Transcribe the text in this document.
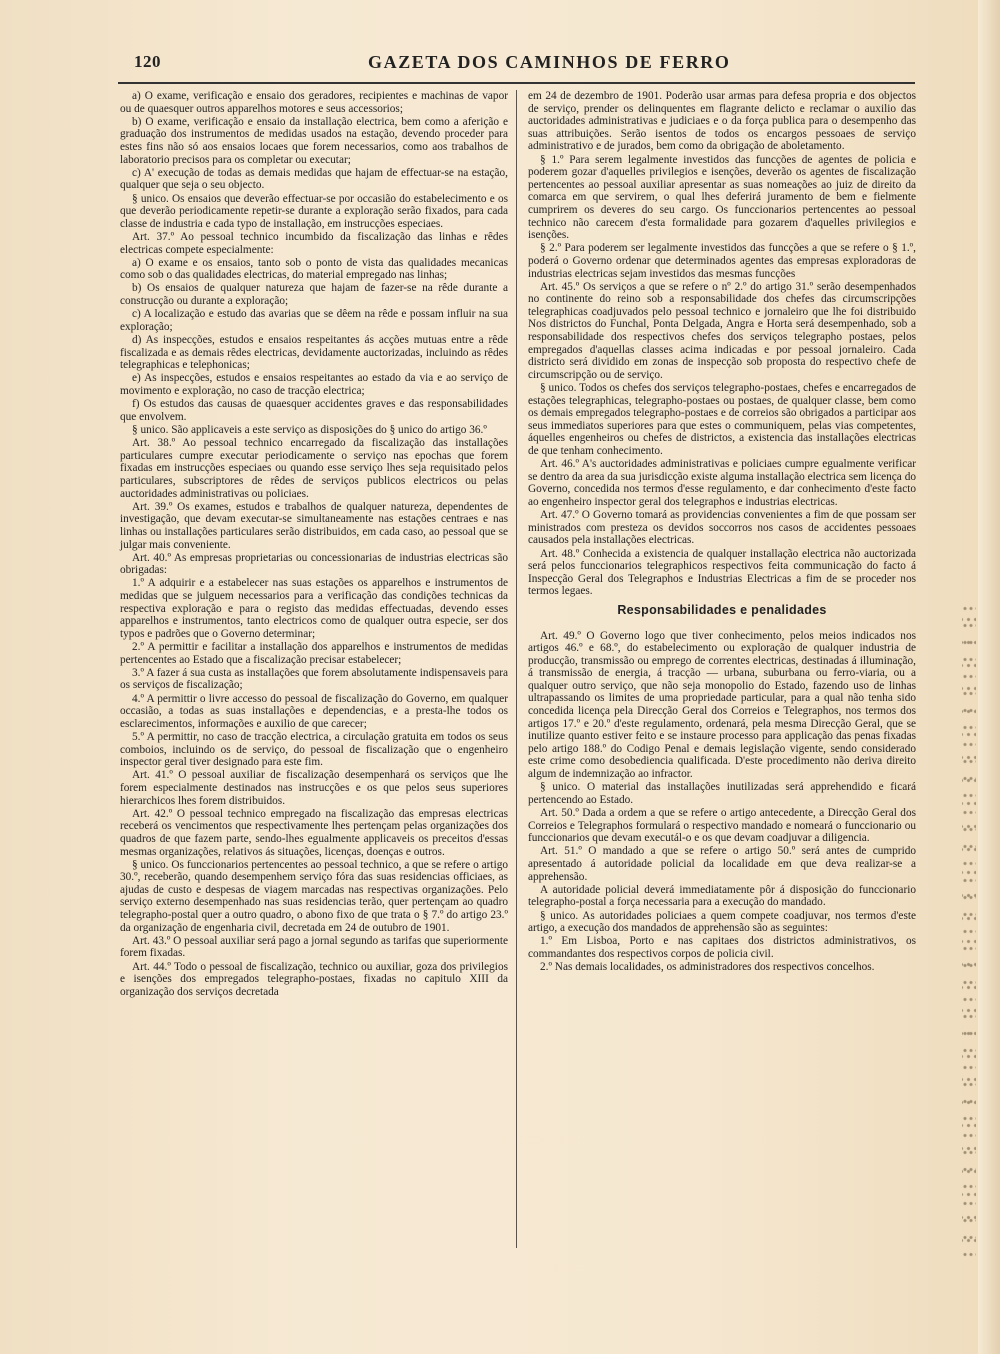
120	GAZETA DOS CAMINHOS DE FERRO

a) O exame, verificação e ensaio dos geradores, recipientes e machinas de vapor ou de quaesquer outros apparelhos motores e seus accessorios;

b) O exame, verificação e ensaio da installação electrica, bem como a aferição e graduação dos instrumentos de medidas usados na estação, devendo proceder para estes fins não só aos ensaios locaes que forem necessarios, como aos trabalhos de laboratorio precisos para os completar ou executar;

c) A' execução de todas as demais medidas que hajam de effectuar-se na estação, qualquer que seja o seu objecto.

§ unico. Os ensaios que deverão effectuar-se por occasião do estabelecimento e os que deverão periodicamente repetir-se durante a exploração serão fixados, para cada classe de industria e cada typo de installação, em instrucções especiaes.

Art. 37.º Ao pessoal technico incumbido da fiscalização das linhas e rêdes electricas compete especialmente:

a) O exame e os ensaios, tanto sob o ponto de vista das qualidades mecanicas como sob o das qualidades electricas, do material empregado nas linhas;

b) Os ensaios de qualquer natureza que hajam de fazer-se na rêde durante a construcção ou durante a exploração;

c) A localização e estudo das avarias que se dêem na rêde e possam influir na sua exploração;

d) As inspecções, estudos e ensaios respeitantes ás acções mutuas entre a rêde fiscalizada e as demais rêdes electricas, devidamente auctorizadas, incluindo as rêdes telegraphicas e telephonicas;

e) As inspecções, estudos e ensaios respeitantes ao estado da via e ao serviço de movimento e exploração, no caso de tracção electrica;

f) Os estudos das causas de quaesquer accidentes graves e das responsabilidades que envolvem.

§ unico. São applicaveis a este serviço as disposições do § unico do artigo 36.º

Art. 38.º Ao pessoal technico encarregado da fiscalização das installações particulares cumpre executar periodicamente o serviço nas epochas que forem fixadas em instrucções especiaes ou quando esse serviço lhes seja requisitado pelos particulares, subscriptores de rêdes de serviços publicos electricos ou pelas auctoridades administrativas ou policiaes.

Art. 39.º Os exames, estudos e trabalhos de qualquer natureza, dependentes de investigação, que devam executar-se simultaneamente nas estações centraes e nas linhas ou installações particulares serão distribuidos, em cada caso, ao pessoal que se julgar mais conveniente.

Art. 40.º As empresas proprietarias ou concessionarias de industrias electricas são obrigadas:

1.º A adquirir e a estabelecer nas suas estações os apparelhos e instrumentos de medidas que se julguem necessarios para a verificação das condições technicas da respectiva exploração e para o registo das medidas effectuadas, devendo esses apparelhos e instrumentos, tanto electricos como de qualquer outra especie, ser dos typos e padrões que o Governo determinar;

2.º A permittir e facilitar a installação dos apparelhos e instrumentos de medidas pertencentes ao Estado que a fiscalização precisar estabelecer;

3.º A fazer á sua custa as installações que forem absolutamente indispensaveis para os serviços de fiscalização;

4.º A permittir o livre accesso do pessoal de fiscalização do Governo, em qualquer occasião, a todas as suas installações e dependencias, e a presta-lhe todos os esclarecimentos, informações e auxilio de que carecer;

5.º A permittir, no caso de tracção electrica, a circulação gratuita em todos os seus comboios, incluindo os de serviço, do pessoal de fiscalização que o engenheiro inspector geral tiver designado para este fim.

Art. 41.º O pessoal auxiliar de fiscalização desempenhará os serviços que lhe forem especialmente destinados nas instrucções e os que pelos seus superiores hierarchicos lhes forem distribuidos.

Art. 42.º O pessoal technico empregado na fiscalização das empresas electricas receberá os vencimentos que respectivamente lhes pertençam pelas organizações dos quadros de que fazem parte, sendo-lhes egualmente applicaveis os preceitos d'essas mesmas organizações, relativos ás situações, licenças, doenças e outros.

§ unico. Os funccionarios pertencentes ao pessoal technico, a que se refere o artigo 30.º, receberão, quando desempenhem serviço fóra das suas residencias officiaes, as ajudas de custo e despesas de viagem marcadas nas respectivas organizações. Pelo serviço externo desempenhado nas suas residencias terão, quer pertençam ao quadro telegrapho-postal quer a outro quadro, o abono fixo de que trata o § 7.º do artigo 23.º da organização de engenharia civil, decretada em 24 de outubro de 1901.

Art. 43.º O pessoal auxiliar será pago a jornal segundo as tarifas que superiormente forem fixadas.

Art. 44.º Todo o pessoal de fiscalização, technico ou auxiliar, goza dos privilegios e isenções dos empregados telegrapho-postaes, fixadas no capitulo XIII da organização dos serviços decretada

em 24 de dezembro de 1901. Poderão usar armas para defesa propria e dos objectos de serviço, prender os delinquentes em flagrante delicto e reclamar o auxilio das auctoridades administrativas e judiciaes e o da força publica para o desempenho das suas attribuições. Serão isentos de todos os encargos pessoaes de serviço administrativo e de jurados, bem como da obrigação de aboletamento.

§ 1.º Para serem legalmente investidos das funcções de agentes de policia e poderem gozar d'aquelles privilegios e isenções, deverão os agentes de fiscalização pertencentes ao pessoal auxiliar apresentar as suas nomeações ao juiz de direito da comarca em que servirem, o qual lhes deferirá juramento de bem e fielmente cumprirem os deveres do seu cargo. Os funccionarios pertencentes ao pessoal technico não carecem d'esta formalidade para gozarem d'aquelles privilegios e isenções.

§ 2.º Para poderem ser legalmente investidos das funcções a que se refere o § 1.º, poderá o Governo ordenar que determinados agentes das empresas exploradoras de industrias electricas sejam investidos das mesmas funcções

Art. 45.º Os serviços a que se refere o nº 2.º do artigo 31.º serão desempenhados no continente do reino sob a responsabilidade dos chefes das circumscripções telegraphicas coadjuvados pelo pessoal technico e jornaleiro que lhe foi distribuido Nos districtos do Funchal, Ponta Delgada, Angra e Horta será desempenhado, sob a responsabilidade dos respectivos chefes dos serviços telegrapho postaes, pelos empregados d'aquellas classes acima indicadas e por pessoal jornaleiro. Cada districto será dividido em zonas de inspecção sob proposta do respectivo chefe de circumscripção ou de serviço.

§ unico. Todos os chefes dos serviços telegrapho-postaes, chefes e encarregados de estações telegraphicas, telegrapho-postaes ou postaes, de qualquer classe, bem como os demais empregados telegrapho-postaes e de correios são obrigados a participar aos seus immediatos superiores para que estes o communiquem, pelas vias competentes, áquelles engenheiros ou chefes de districtos, a existencia das installações electricas de que tenham conhecimento.

Art. 46.º A's auctoridades administrativas e policiaes cumpre egualmente verificar se dentro da area da sua jurisdicção existe alguma installação electrica sem licença do Governo, concedida nos termos d'esse regulamento, e dar conhecimento d'este facto ao engenheiro inspector geral dos telegraphos e industrias electricas.

Art. 47.º O Governo tomará as providencias convenientes a fim de que possam ser ministrados com presteza os devidos soccorros nos casos de accidentes pessoaes causados pela installações electricas.

Art. 48.º Conhecida a existencia de qualquer installação electrica não auctorizada será pelos funccionarios telegraphicos respectivos feita communicação do facto á Inspecção Geral dos Telegraphos e Industrias Electricas a fim de se proceder nos termos legaes.

Responsabilidades e penalidades

Art. 49.º O Governo logo que tiver conhecimento, pelos meios indicados nos artigos 46.º e 68.º, do estabelecimento ou exploração de qualquer industria de producção, transmissão ou emprego de correntes electricas, destinadas á illuminação, á transmissão de energia, á tracção — urbana, suburbana ou ferro-viaria, ou a qualquer outro serviço, que não seja monopolio do Estado, fazendo uso de linhas ultrapassando os limites de uma propriedade particular, para a qual não tenha sido concedida licença pela Direcção Geral dos Correios e Telegraphos, nos termos dos artigos 17.º e 20.º d'este regulamento, ordenará, pela mesma Direcção Geral, que se inutilize quanto estiver feito e se instaure processo para applicação das penas fixadas pelo artigo 188.º do Codigo Penal e demais legislação vigente, sendo considerado este crime como desobediencia qualificada. D'este procedimento não deriva direito algum de indemnização ao infractor.

§ unico. O material das installações inutilizadas será apprehendido e ficará pertencendo ao Estado.

Art. 50.º Dada a ordem a que se refere o artigo antecedente, a Direcção Geral dos Correios e Telegraphos formulará o respectivo mandado e nomeará o funccionario ou funccionarios que devam executál-o e os que devam coadjuvar a diligencia.

Art. 51.º O mandado a que se refere o artigo 50.º será antes de cumprido apresentado á autoridade policial da localidade em que deva realizar-se a apprehensão.

A autoridade policial deverá immediatamente pôr á disposição do funccionario telegrapho-postal a força necessaria para a execução do mandado.

§ unico. As autoridades policiaes a quem compete coadjuvar, nos termos d'este artigo, a execução dos mandados de apprehensão são as seguintes:

1.º Em Lisboa, Porto e nas capitaes dos districtos administrativos, os commandantes dos respectivos corpos de policia civil.

2.º Nas demais localidades, os administradores dos respectivos concelhos.
